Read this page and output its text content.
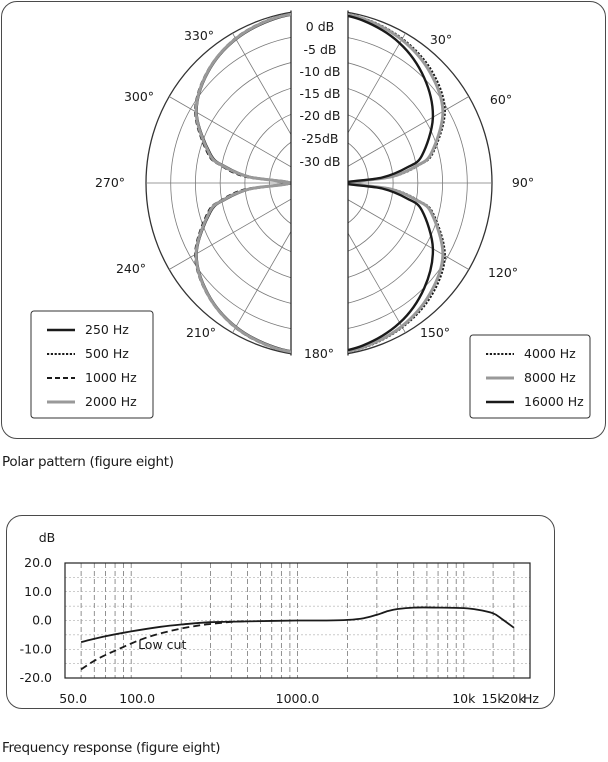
0 dB
-5 dB
-10 dB
-15 dB
-20 dB
-25dB
-30 dB
30°
60°
90°
120°
150°
180°
210°
240°
270°
300°
330°
250 Hz
500 Hz
1000 Hz
2000 Hz
4000 Hz
8000 Hz
16000 Hz
20.0
10.0
0.0
-10.0
-20.0
dB
50.0	100.0	1000.0	10k 15k
20k
Hz
Low cut
Polar pattern (figure eight)
Frequency response (figure eight)
